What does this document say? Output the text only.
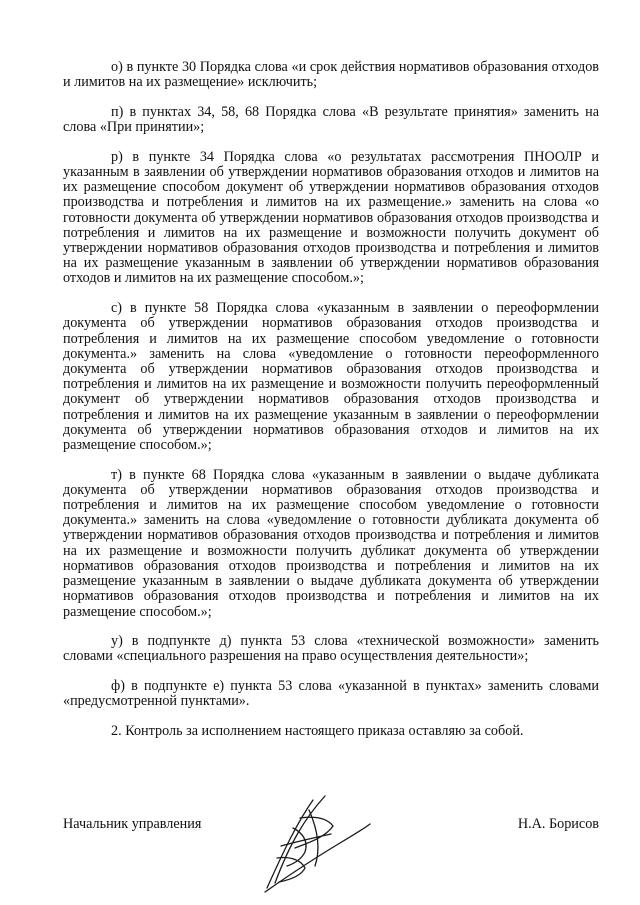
о) в пункте 30 Порядка слова «и срок действия нормативов образования отходов и лимитов на их размещение» исключить;

п) в пунктах 34, 58, 68 Порядка слова «В результате принятия» заменить на слова «При принятии»;

р) в пункте 34 Порядка слова «о результатах рассмотрения ПНООЛР и указанным в заявлении об утверждении нормативов образования отходов и лимитов на их размещение способом документ об утверждении нормативов образования отходов производства и потребления и лимитов на их размещение.» заменить на слова «о готовности документа об утверждении нормативов образования отходов производства и потребления и лимитов на их размещение и возможности получить документ об утверждении нормативов образования отходов производства и потребления и лимитов на их размещение указанным в заявлении об утверждении нормативов образования отходов и лимитов на их размещение способом.»;

с) в пункте 58 Порядка слова «указанным в заявлении о переоформлении документа об утверждении нормативов образования отходов производства и потребления и лимитов на их размещение способом уведомление о готовности документа.» заменить на слова «уведомление о готовности переоформленного документа об утверждении нормативов образования отходов производства и потребления и лимитов на их размещение и возможности получить переоформленный документ об утверждении нормативов образования отходов производства и потребления и лимитов на их размещение указанным в заявлении о переоформлении документа об утверждении нормативов образования отходов и лимитов на их размещение способом.»;

т) в пункте 68 Порядка слова «указанным в заявлении о выдаче дубликата документа об утверждении нормативов образования отходов производства и потребления и лимитов на их размещение способом уведомление о готовности документа.» заменить на слова «уведомление о готовности дубликата документа об утверждении нормативов образования отходов производства и потребления и лимитов на их размещение и возможности получить дубликат документа об утверждении нормативов образования отходов производства и потребления и лимитов на их размещение указанным в заявлении о выдаче дубликата документа об утверждении нормативов образования отходов производства и потребления и лимитов на их размещение способом.»;

у) в подпункте д) пункта 53 слова «технической возможности» заменить словами «специального разрешения на право осуществления деятельности»;

ф) в подпункте е) пункта 53 слова «указанной в пунктах» заменить словами «предусмотренной пунктами».

2. Контроль за исполнением настоящего приказа оставляю за собой.

Начальник управления	Н.А. Борисов
